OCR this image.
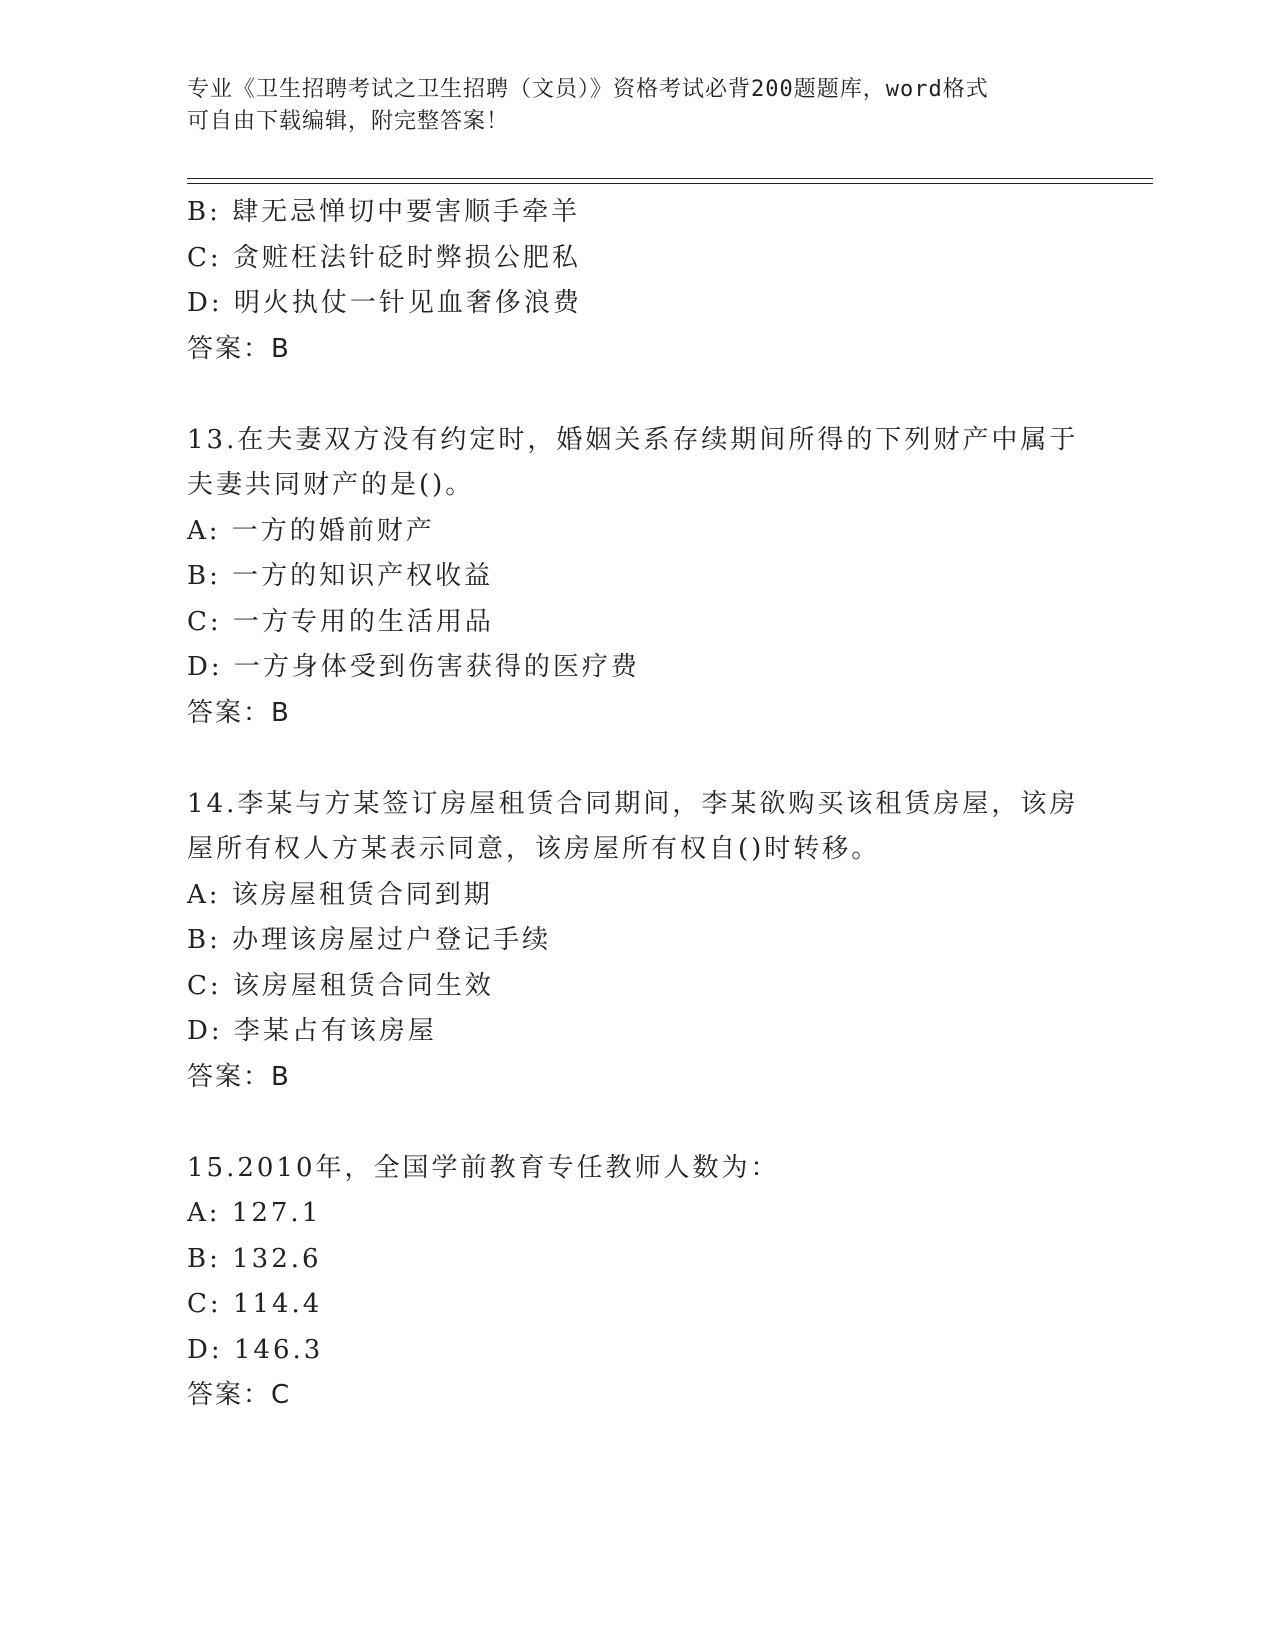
专业《卫生招聘考试之卫生招聘（文员）》资格考试必背200题题库，word格式
可自由下载编辑，附完整答案！
B: 肆无忌惮切中要害顺手牵羊
C: 贪赃枉法针砭时弊损公肥私
D: 明火执仗一针见血奢侈浪费
答案：B
13.在夫妻双方没有约定时，婚姻关系存续期间所得的下列财产中属于
夫妻共同财产的是()。
A: 一方的婚前财产
B: 一方的知识产权收益
C: 一方专用的生活用品
D: 一方身体受到伤害获得的医疗费
答案：B
14.李某与方某签订房屋租赁合同期间，李某欲购买该租赁房屋，该房
屋所有权人方某表示同意，该房屋所有权自()时转移。
A: 该房屋租赁合同到期
B: 办理该房屋过户登记手续
C: 该房屋租赁合同生效
D: 李某占有该房屋
答案：B
15.2010年，全国学前教育专任教师人数为：
A: 127.1
B: 132.6
C: 114.4
D: 146.3
答案：C
